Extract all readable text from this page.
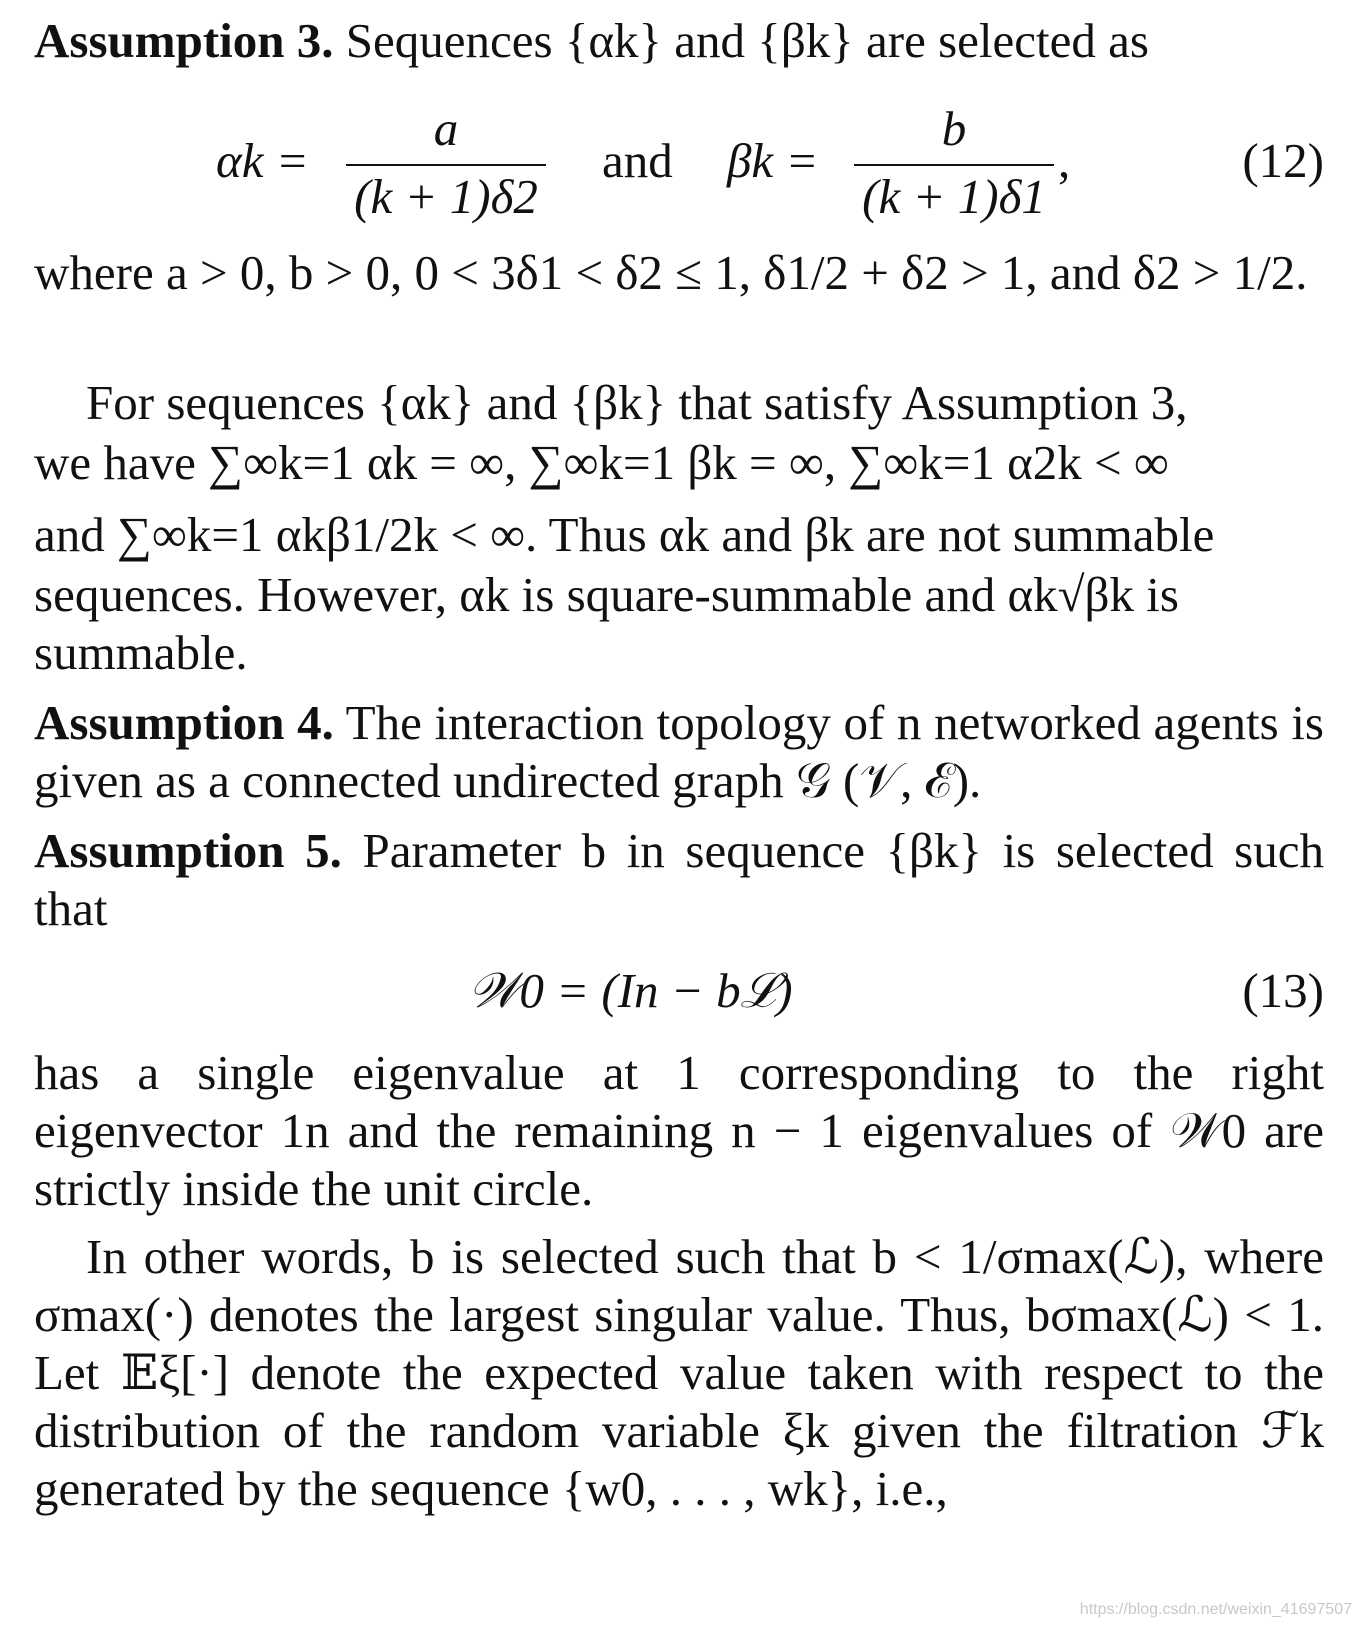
Assumption 3. Sequences {αk} and {βk} are selected as
$\alpha k = \frac{a}{(k + 1)\delta 2}$ and $\beta k = \frac{b}{(k + 1)\delta 1}$ ,	(12)
where a > 0, b > 0, 0 < 3δ1 < δ2 ≤ 1, δ1/2 + δ2 > 1, and δ2 > 1/2.
For sequences {αk} and {βk} that satisfy Assumption 3,
we have ∑∞k=1 αk = ∞, ∑∞k=1 βk = ∞, ∑∞k=1 α2k < ∞
and ∑∞k=1 αkβ1/2k < ∞. Thus αk and βk are not summable
sequences. However, αk is square-summable and αk√βk is
summable.
Assumption 4. The interaction topology of n networked agents is given as a connected undirected graph 𝒢 (𝒱, ℰ).
Assumption 5. Parameter b in sequence {βk} is selected such that
𝒲0 = (In − bℒ)	(13)
has a single eigenvalue at 1 corresponding to the right eigenvector 1n and the remaining n − 1 eigenvalues of 𝒲0 are strictly inside the unit circle.
In other words, b is selected such that b < 1/σmax(ℒ), where σmax(·) denotes the largest singular value. Thus, bσmax(ℒ) < 1. Let 𝔼ξ[·] denote the expected value taken with respect to the distribution of the random variable ξk given the filtration ℱk generated by the sequence {w0, . . . , wk}, i.e.,
https://blog.csdn.net/weixin_41697507
